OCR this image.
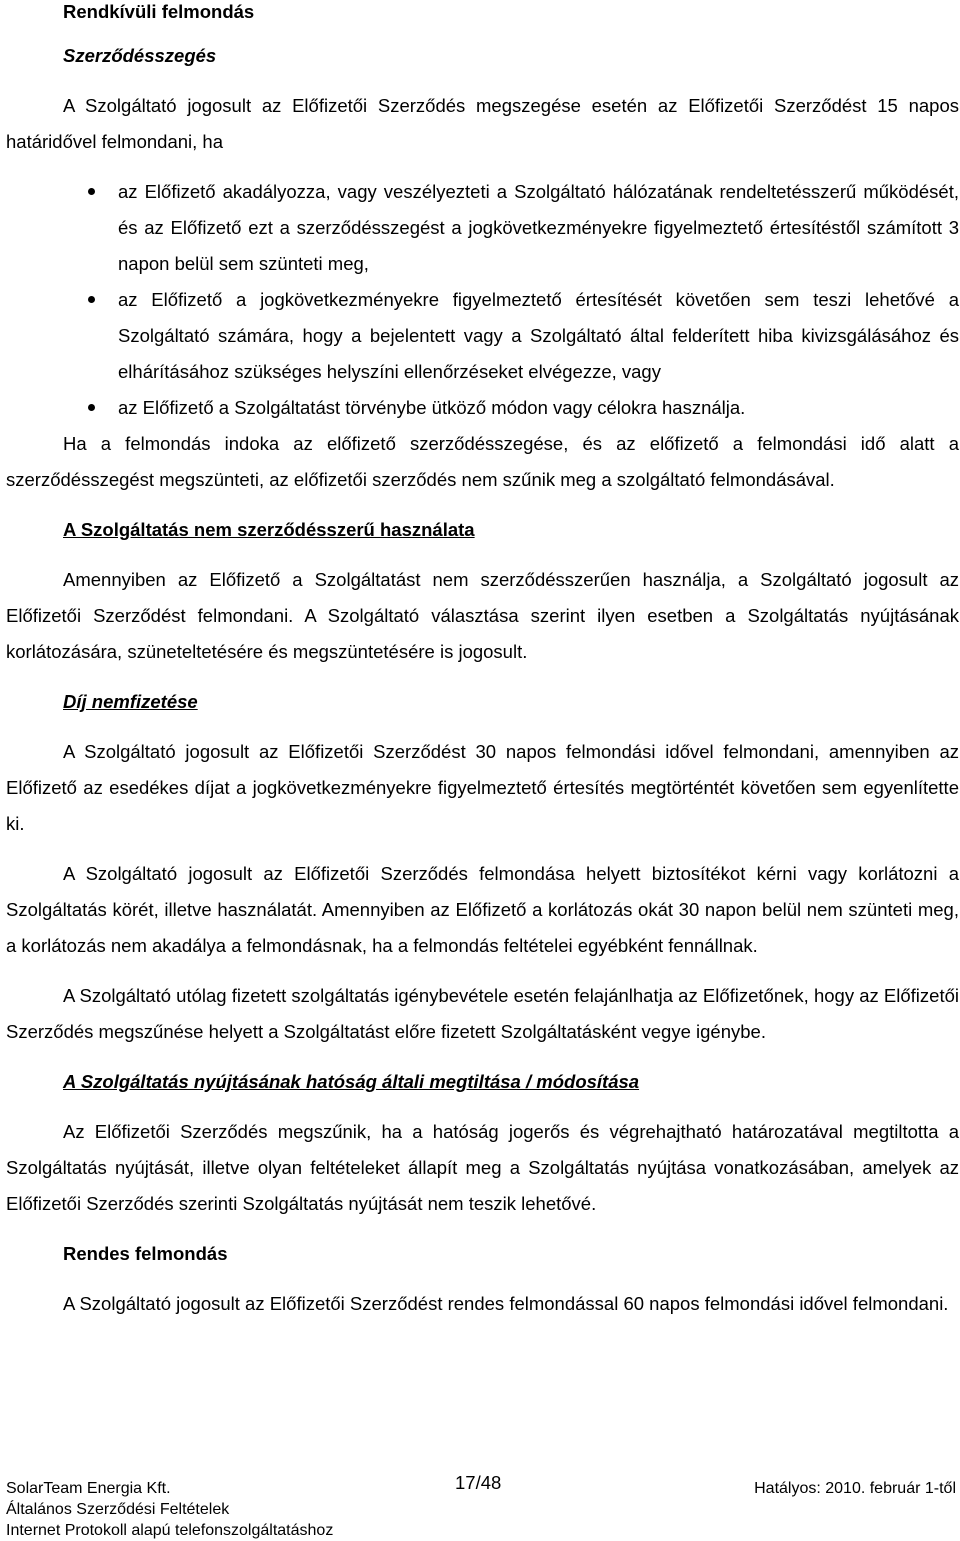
Rendkívüli felmondás
Szerződésszegés

A Szolgáltató jogosult az Előfizetői Szerződés megszegése esetén az Előfizetői Szerződést 15 napos határidővel felmondani, ha

az Előfizető akadályozza, vagy veszélyezteti a Szolgáltató hálózatának rendeltetésszerű működését, és az Előfizető ezt a szerződésszegést a jogkövetkezményekre figyelmeztető értesítéstől számított 3 napon belül sem szünteti meg,
az Előfizető a jogkövetkezményekre figyelmeztető értesítését követően sem teszi lehetővé a Szolgáltató számára, hogy a bejelentett vagy a Szolgáltató által felderített hiba kivizsgálásához és elhárításához szükséges helyszíni ellenőrzéseket elvégezze, vagy
az Előfizető a Szolgáltatást törvénybe ütköző módon vagy célokra használja.

Ha a felmondás indoka az előfizető szerződésszegése, és az előfizető a felmondási idő alatt a szerződésszegést megszünteti, az előfizetői szerződés nem szűnik meg a szolgáltató felmondásával.

A Szolgáltatás nem szerződésszerű használata

Amennyiben az Előfizető a Szolgáltatást nem szerződésszerűen használja, a Szolgáltató jogosult az Előfizetői Szerződést felmondani. A Szolgáltató választása szerint ilyen esetben a Szolgáltatás nyújtásának korlátozására, szüneteltetésére és megszüntetésére is jogosult.

Díj nemfizetése

A Szolgáltató jogosult az Előfizetői Szerződést 30 napos felmondási idővel felmondani, amennyiben az Előfizető az esedékes díjat a jogkövetkezményekre figyelmeztető értesítés megtörténtét követően sem egyenlítette ki.

A Szolgáltató jogosult az Előfizetői Szerződés felmondása helyett biztosítékot kérni vagy korlátozni a Szolgáltatás körét, illetve használatát. Amennyiben az Előfizető a korlátozás okát 30 napon belül nem szünteti meg, a korlátozás nem akadálya a felmondásnak, ha a felmondás feltételei egyébként fennállnak.

A Szolgáltató utólag fizetett szolgáltatás igénybevétele esetén felajánlhatja az Előfizetőnek, hogy az Előfizetői Szerződés megszűnése helyett a Szolgáltatást előre fizetett Szolgáltatásként vegye igénybe.

A Szolgáltatás nyújtásának hatóság általi megtiltása / módosítása

Az Előfizetői Szerződés megszűnik, ha a hatóság jogerős és végrehajtható határozatával megtiltotta a Szolgáltatás nyújtását, illetve olyan feltételeket állapít meg a Szolgáltatás nyújtása vonatkozásában, amelyek az Előfizetői Szerződés szerinti Szolgáltatás nyújtását nem teszik lehetővé.

Rendes felmondás

A Szolgáltató jogosult az Előfizetői Szerződést rendes felmondással 60 napos felmondási idővel felmondani.

SolarTeam Energia Kft.	17/48	Hatályos: 2010. február 1-től
Általános Szerződési Feltételek
Internet Protokoll alapú telefonszolgáltatáshoz
